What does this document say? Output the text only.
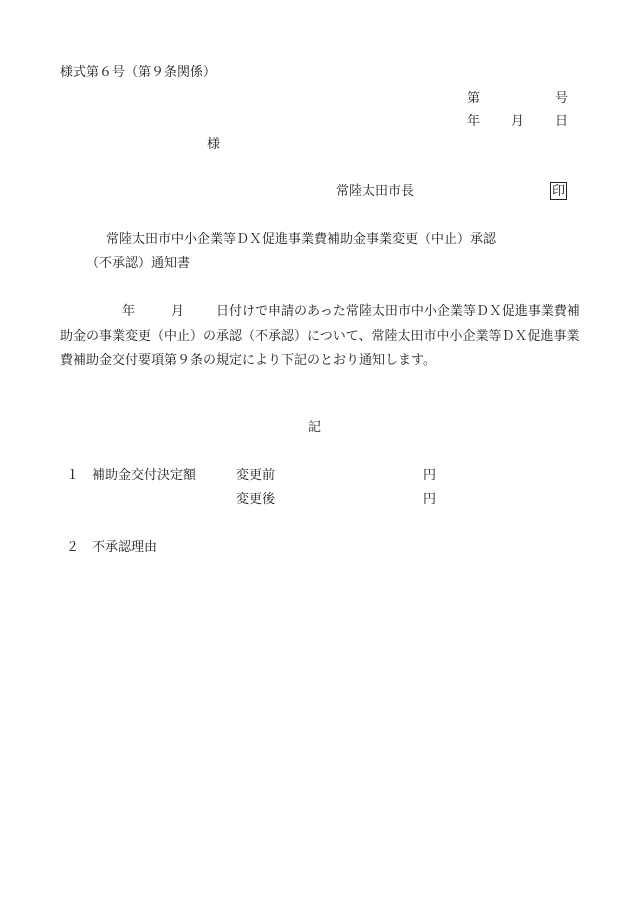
様式第６号（第９条関係）
第	号
年 月 日
様
常陸太田市長	印
常陸太田市中小企業等ＤＸ促進事業費補助金事業変更（中止）承認
（不承認）通知書
年	月 日付けで申請のあった常陸太田市中小企業等ＤＸ促進事業費補助金の事業変更（中止）の承認（不承認）について、常陸太田市中小企業等ＤＸ促進事業費補助金交付要項第９条の規定により下記のとおり通知します。
記
１ 補助金交付決定額	変更前	円
変更後	円
２ 不承認理由
